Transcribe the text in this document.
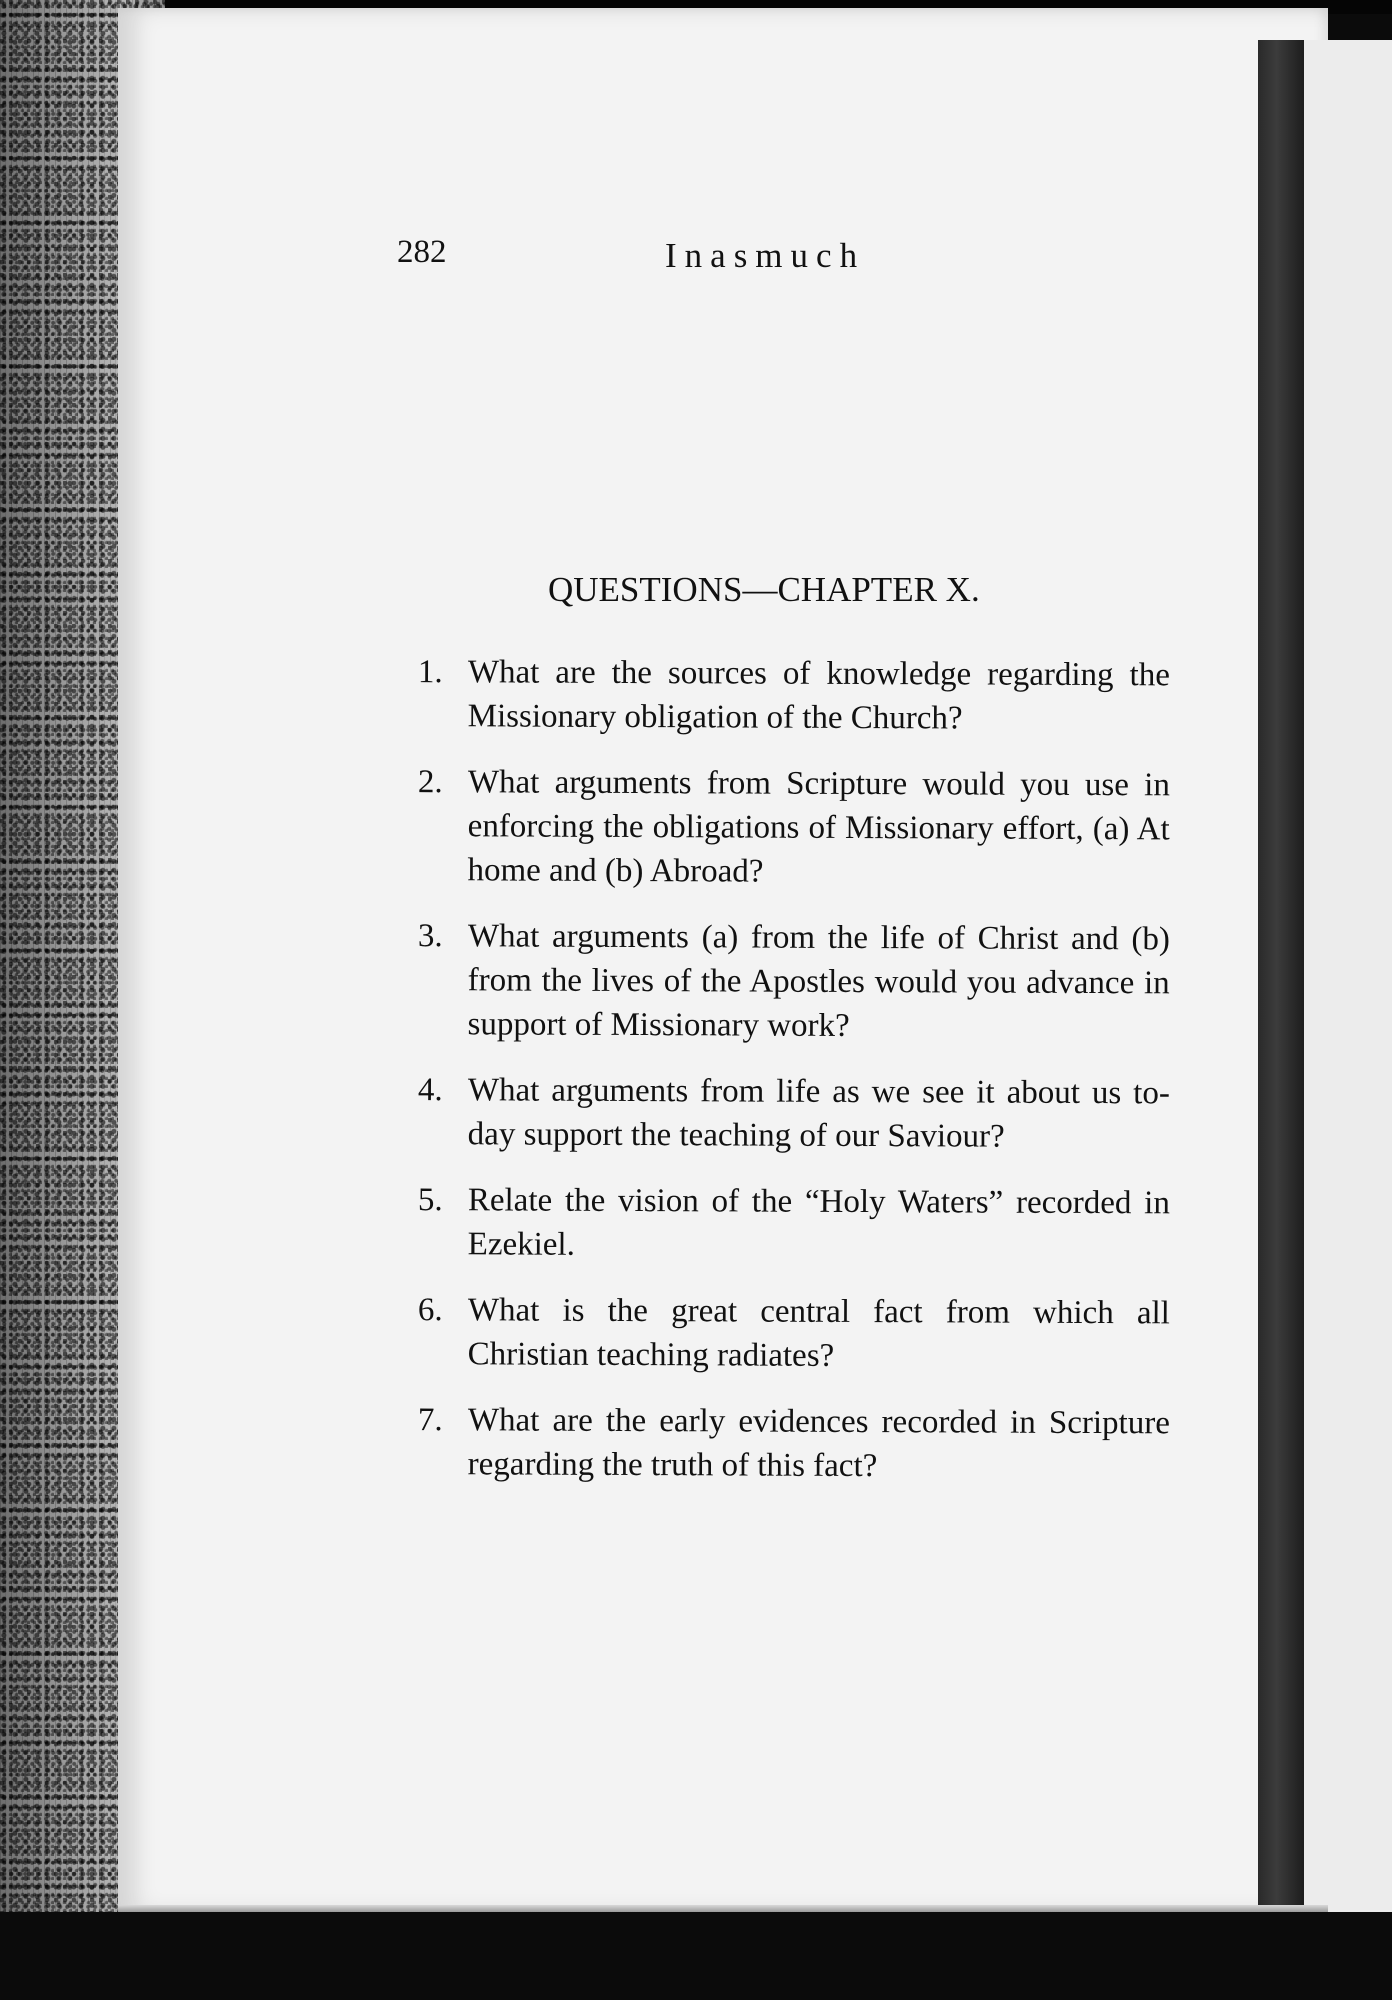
282	Inasmuch
QUESTIONS—CHAPTER X.
1. What are the sources of knowledge regarding the Missionary obligation of the Church?
2. What arguments from Scripture would you use in enforcing the obligations of Missionary effort, (a) At home and (b) Abroad?
3. What arguments (a) from the life of Christ and (b) from the lives of the Apostles would you advance in support of Missionary work?
4. What arguments from life as we see it about us to-day support the teaching of our Saviour?
5. Relate the vision of the “Holy Waters” recorded in Ezekiel.
6. What is the great central fact from which all Christian teaching radiates?
7. What are the early evidences recorded in Scripture regarding the truth of this fact?
